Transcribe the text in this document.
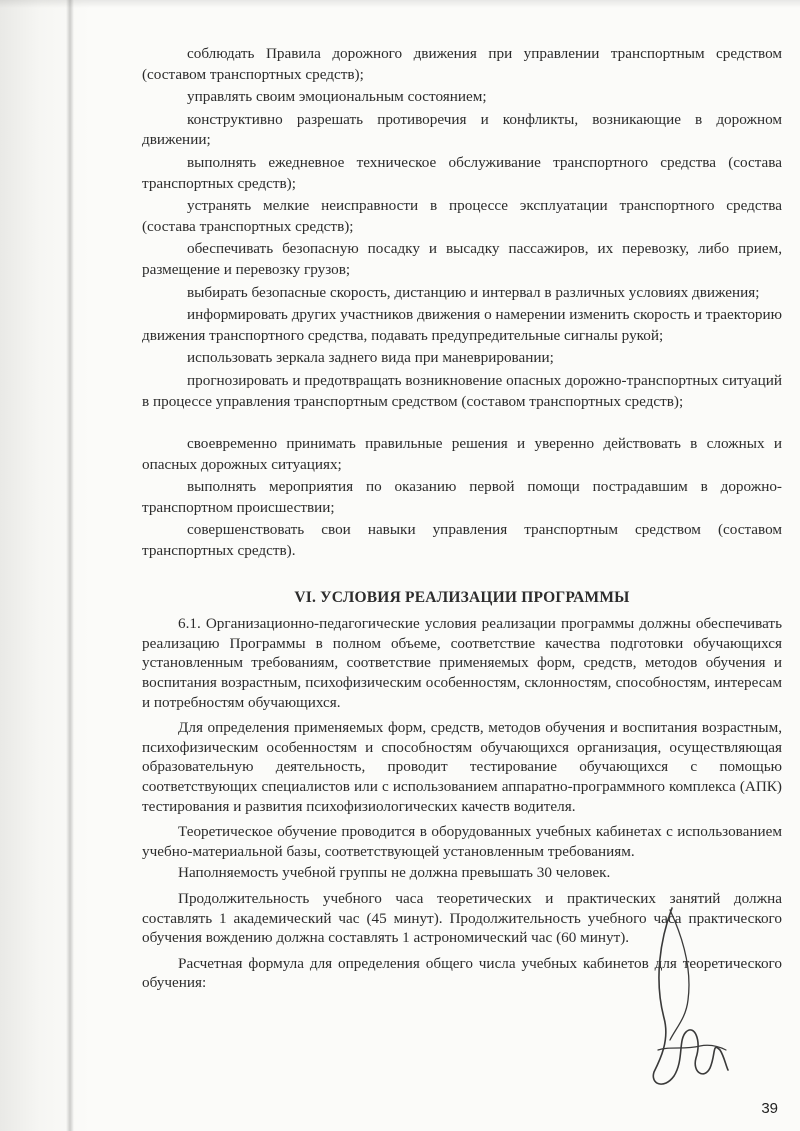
соблюдать Правила дорожного движения при управлении транспортным средством (составом транспортных средств);

управлять своим эмоциональным состоянием;

конструктивно разрешать противоречия и конфликты, возникающие в дорожном движении;

выполнять ежедневное техническое обслуживание транспортного средства (состава транспортных средств);

устранять мелкие неисправности в процессе эксплуатации транспортного средства (состава транспортных средств);

обеспечивать безопасную посадку и высадку пассажиров, их перевозку, либо прием, размещение и перевозку грузов;

выбирать безопасные скорость, дистанцию и интервал в различных условиях движения;

информировать других участников движения о намерении изменить скорость и траекторию движения транспортного средства, подавать предупредительные сигналы рукой;

использовать зеркала заднего вида при маневрировании;

прогнозировать и предотвращать возникновение опасных дорожно-транспортных ситуаций в процессе управления транспортным средством (составом транспортных средств);

своевременно принимать правильные решения и уверенно действовать в сложных и опасных дорожных ситуациях;

выполнять мероприятия по оказанию первой помощи пострадавшим в дорожно-транспортном происшествии;

совершенствовать свои навыки управления транспортным средством (составом транспортных средств).

VI. УСЛОВИЯ РЕАЛИЗАЦИИ ПРОГРАММЫ

6.1. Организационно-педагогические условия реализации программы должны обеспечивать реализацию Программы в полном объеме, соответствие качества подготовки обучающихся установленным требованиям, соответствие применяемых форм, средств, методов обучения и воспитания возрастным, психофизическим особенностям, склонностям, способностям, интересам и потребностям обучающихся.

Для определения применяемых форм, средств, методов обучения и воспитания возрастным, психофизическим особенностям и способностям обучающихся организация, осуществляющая образовательную деятельность, проводит тестирование обучающихся с помощью соответствующих специалистов или с использованием аппаратно-программного комплекса (АПК) тестирования и развития психофизиологических качеств водителя.

Теоретическое обучение проводится в оборудованных учебных кабинетах с использованием учебно-материальной базы, соответствующей установленным требованиям.

Наполняемость учебной группы не должна превышать 30 человек.

Продолжительность учебного часа теоретических и практических занятий должна составлять 1 академический час (45 минут). Продолжительность учебного часа практического обучения вождению должна составлять 1 астрономический час (60 минут).

Расчетная формула для определения общего числа учебных кабинетов для теоретического обучения:

39
